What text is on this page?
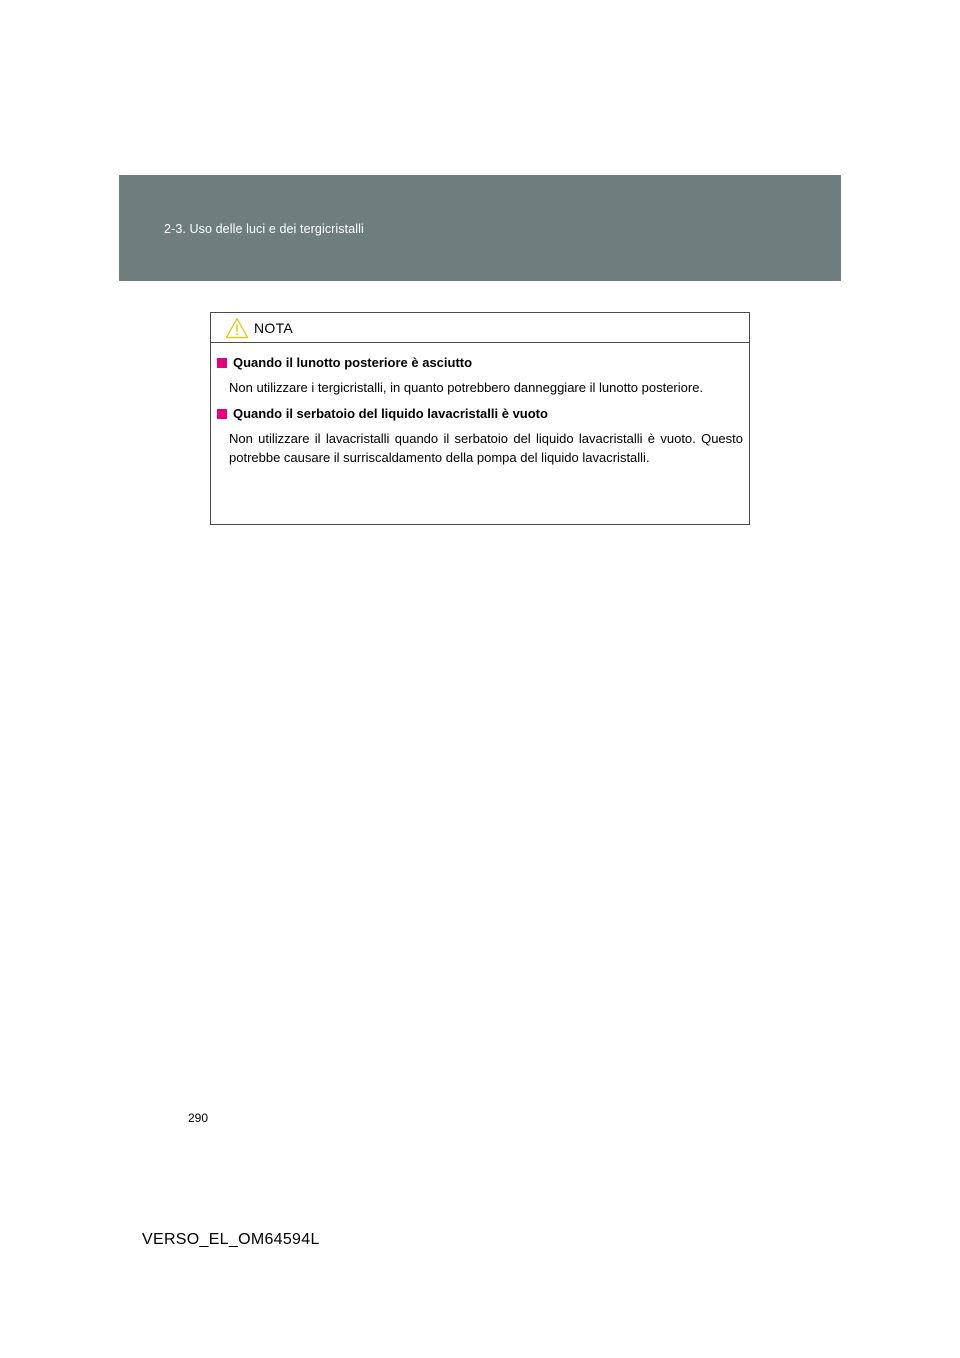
2-3. Uso delle luci e dei tergicristalli
NOTA
Quando il lunotto posteriore è asciutto
Non utilizzare i tergicristalli, in quanto potrebbero danneggiare il lunotto posteriore.
Quando il serbatoio del liquido lavacristalli è vuoto
Non utilizzare il lavacristalli quando il serbatoio del liquido lavacristalli è vuoto. Questo potrebbe causare il surriscaldamento della pompa del liquido lavacristalli.
290
VERSO_EL_OM64594L
